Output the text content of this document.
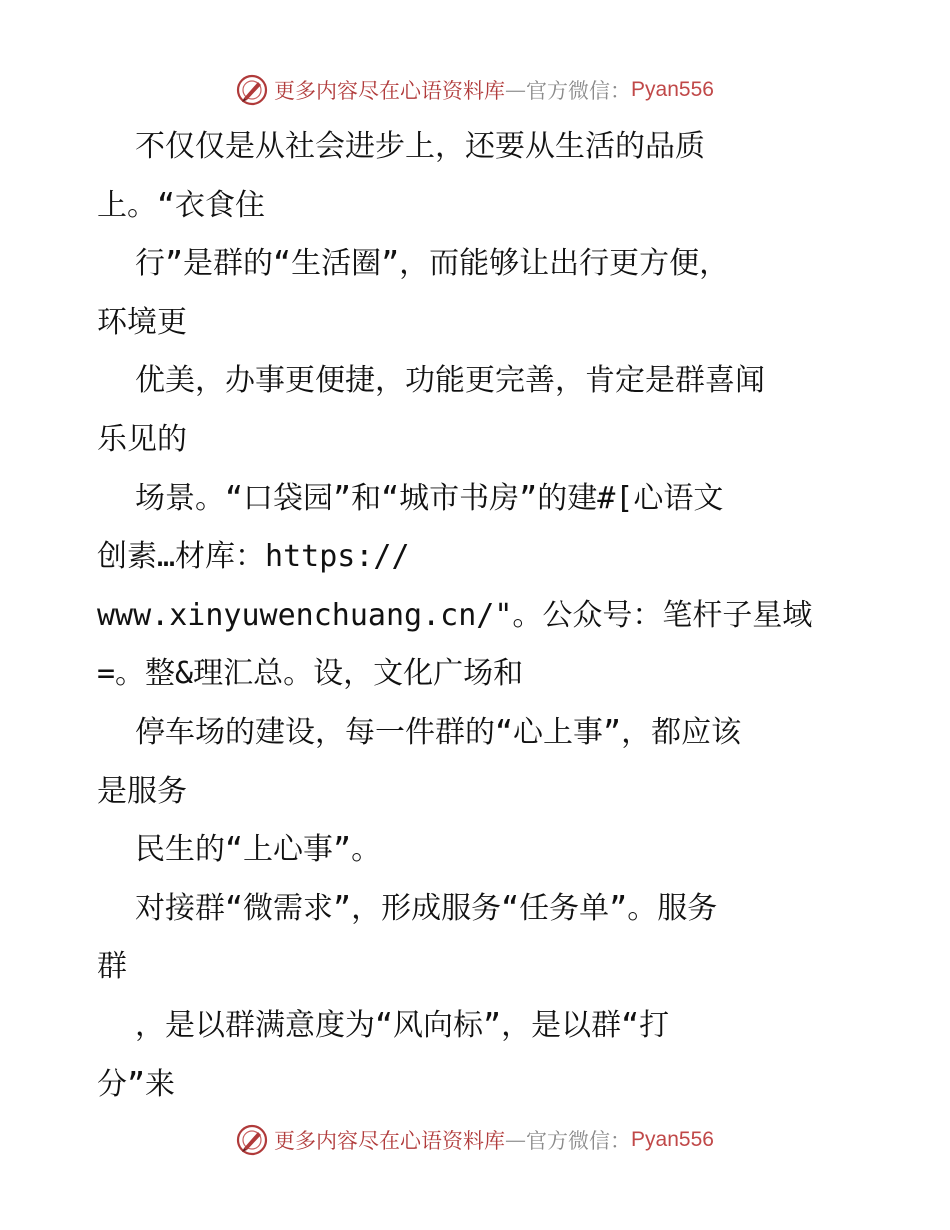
更多内容尽在心语资料库 — 官方微信： Pyan556
不仅仅是从社会进步上，还要从生活的品质
上。“衣食住
行”是群的“生活圈”，而能够让出行更方便，
环境更
优美，办事更便捷，功能更完善，肯定是群喜闻
乐见的
场景。“口袋园”和“城市书房”的建#[心语文
创素…材库：https://
www.xinyuwenchuang.cn/"。公众号：笔杆子星域
=。整&理汇总。设，文化广场和
停车场的建设，每一件群的“心上事”，都应该
是服务
民生的“上心事”。
对接群“微需求”，形成服务“任务单”。服务
群
，是以群满意度为“风向标”，是以群“打
分”来
更多内容尽在心语资料库 — 官方微信： Pyan556
